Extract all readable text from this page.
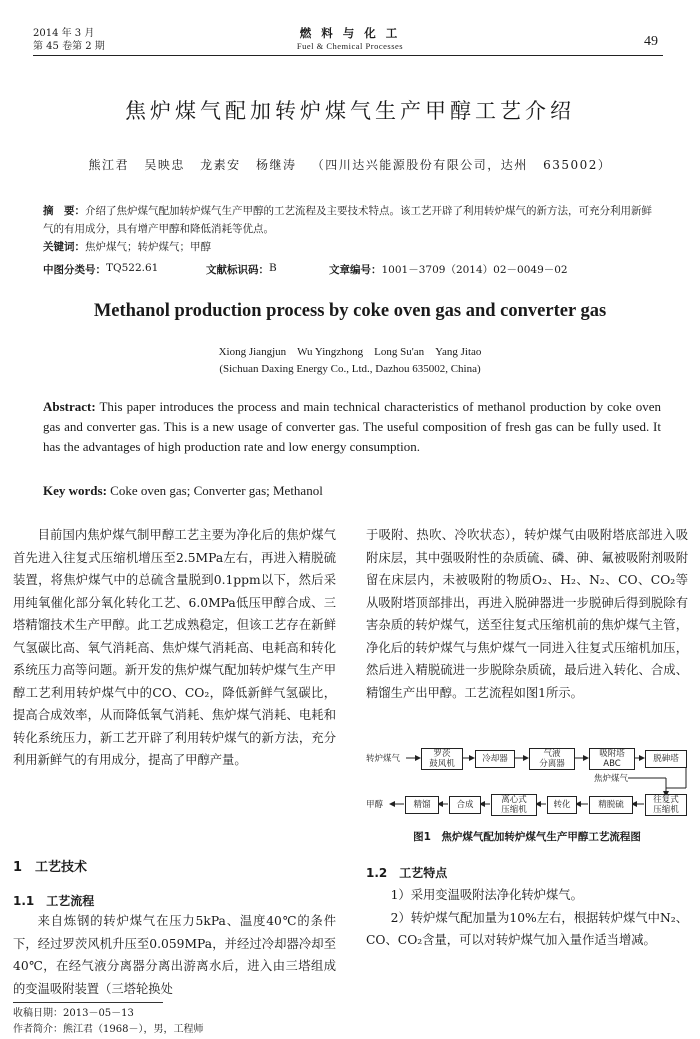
2014 年 3 月
第 45 卷第 2 期
燃 料 与 化 工
Fuel & Chemical Processes	49
焦炉煤气配加转炉煤气生产甲醇工艺介绍
熊江君 吴映忠 龙素安 杨继涛 （四川达兴能源股份有限公司，达州 635002）
摘　要：介绍了焦炉煤气配加转炉煤气生产甲醇的工艺流程及主要技术特点。该工艺开辟了利用转炉煤气的新方法，可充分利用新鲜气的有用成分，具有增产甲醇和降低消耗等优点。
关键词：焦炉煤气；转炉煤气；甲醇
中图分类号： TQ522.61	文献标识码： B	文章编号： 1001－3709（2014）02－0049－02
Methanol production process by coke oven gas and converter gas
Xiong Jiangjun　Wu Yingzhong　Long Su'an　Yang Jitao
(Sichuan Daxing Energy Co., Ltd., Dazhou 635002, China)
Abstract: This paper introduces the process and main technical characteristics of methanol production by coke oven gas and converter gas. This is a new usage of converter gas. The useful composition of fresh gas can be fully used. It has the advantages of high production rate and low energy consumption.
Key words: Coke oven gas; Converter gas; Methanol

目前国内焦炉煤气制甲醇工艺主要为净化后的焦炉煤气首先进入往复式压缩机增压至2.5MPa左右，再进入精脱硫装置，将焦炉煤气中的总硫含量脱到0.1ppm以下，然后采用纯氧催化部分氧化转化工艺、6.0MPa低压甲醇合成、三塔精馏技术生产甲醇。此工艺成熟稳定，但该工艺存在新鲜气氢碳比高、氧气消耗高、焦炉煤气消耗高、电耗高和转化系统压力高等问题。新开发的焦炉煤气配加转炉煤气生产甲醇工艺利用转炉煤气中的CO、CO₂，降低新鲜气氢碳比，提高合成效率，从而降低氧气消耗、焦炉煤气消耗、电耗和转化系统压力，新工艺开辟了利用转炉煤气的新方法，充分利用新鲜气的有用成分，提高了甲醇产量。

1　工艺技术
1.1　工艺流程

来自炼钢的转炉煤气在压力5kPa、温度40℃的条件下，经过罗茨风机升压至0.059MPa，并经过冷却器冷却至40℃，在经气液分离器分离出游离水后，进入由三塔组成的变温吸附装置（三塔轮换处

于吸附、热吹、冷吹状态），转炉煤气由吸附塔底部进入吸附床层，其中强吸附性的杂质硫、磷、砷、氟被吸附剂吸附留在床层内，未被吸附的物质O₂、H₂、N₂、CO、CO₂等从吸附塔顶部排出，再进入脱砷器进一步脱砷后得到脱除有害杂质的转炉煤气，送至往复式压缩机前的焦炉煤气主管，净化后的转炉煤气与焦炉煤气一同进入往复式压缩机加压，然后进入精脱硫进一步脱除杂质硫，最后进入转化、合成、精馏生产出甲醇。工艺流程如图1所示。

转炉煤气	罗茨
鼓风机	冷却器	气液
分离器
吸附塔
ABC	脱砷塔
焦炉煤气
往复式
压缩机
精脱硫
转化
离心式
压缩机
合成
精馏
甲醇
图1　焦炉煤气配加转炉煤气生产甲醇工艺流程图
1.2　工艺特点

1）采用变温吸附法净化转炉煤气。

2）转炉煤气配加量为10%左右，根据转炉煤气中N₂、CO、CO₂含量，可以对转炉煤气加入量作适当增减。

收稿日期：2013－05－13
作者简介：熊江君（1968－），男，工程师
